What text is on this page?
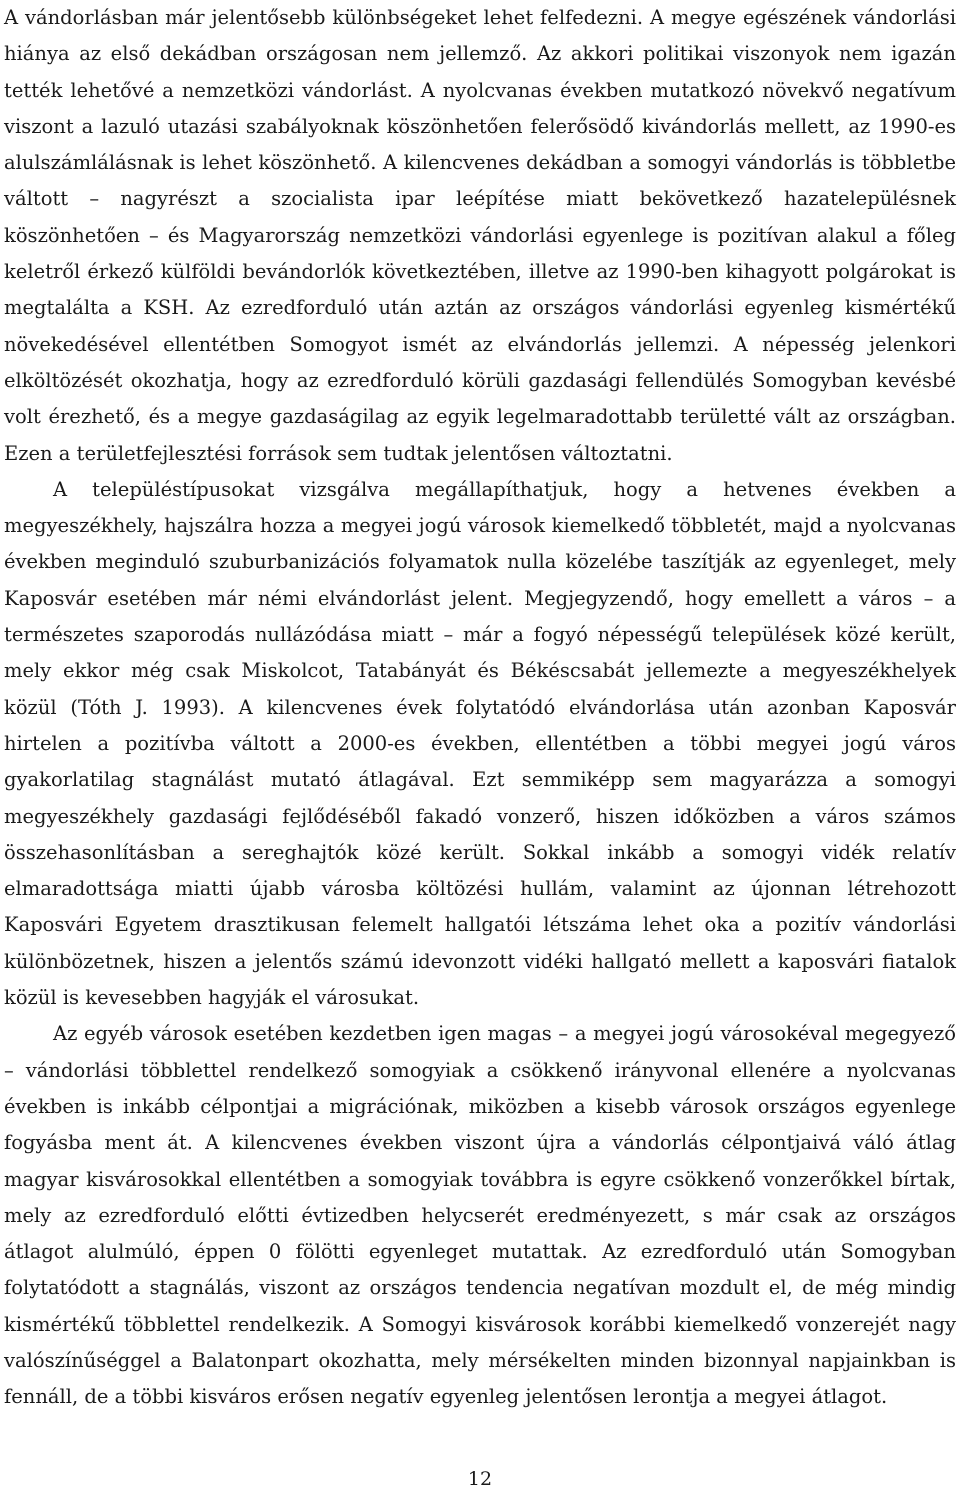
A vándorlásban már jelentősebb különbségeket lehet felfedezni. A megye egészének vándorlási hiánya az első dekádban országosan nem jellemző. Az akkori politikai viszonyok nem igazán tették lehetővé a nemzetközi vándorlást. A nyolcvanas években mutatkozó növekvő negatívum viszont a lazuló utazási szabályoknak köszönhetően felerősödő kivándorlás mellett, az 1990-es alulszámlálásnak is lehet köszönhető. A kilencvenes dekádban a somogyi vándorlás is többletbe váltott – nagyrészt a szocialista ipar leépítése miatt bekövetkező hazatelepülésnek köszönhetően – és Magyarország nemzetközi vándorlási egyenlege is pozitívan alakul a főleg keletről érkező külföldi bevándorlók következtében, illetve az 1990-ben kihagyott polgárokat is megtalálta a KSH. Az ezredforduló után aztán az országos vándorlási egyenleg kismértékű növekedésével ellentétben Somogyot ismét az elvándorlás jellemzi. A népesség jelenkori elköltözését okozhatja, hogy az ezredforduló körüli gazdasági fellendülés Somogyban kevésbé volt érezhető, és a megye gazdaságilag az egyik legelmaradottabb területté vált az országban. Ezen a területfejlesztési források sem tudtak jelentősen változtatni.

A településtípusokat vizsgálva megállapíthatjuk, hogy a hetvenes években a megyeszékhely, hajszálra hozza a megyei jogú városok kiemelkedő többletét, majd a nyolcvanas években meginduló szuburbanizációs folyamatok nulla közelébe taszítják az egyenleget, mely Kaposvár esetében már némi elvándorlást jelent. Megjegyzendő, hogy emellett a város – a természetes szaporodás nullázódása miatt – már a fogyó népességű települések közé került, mely ekkor még csak Miskolcot, Tatabányát és Békéscsabát jellemezte a megyeszékhelyek közül (Tóth J. 1993). A kilencvenes évek folytatódó elvándorlása után azonban Kaposvár hirtelen a pozitívba váltott a 2000-es években, ellentétben a többi megyei jogú város gyakorlatilag stagnálást mutató átlagával. Ezt semmiképp sem magyarázza a somogyi megyeszékhely gazdasági fejlődéséből fakadó vonzerő, hiszen időközben a város számos összehasonlításban a sereghajtók közé került. Sokkal inkább a somogyi vidék relatív elmaradottsága miatti újabb városba költözési hullám, valamint az újonnan létrehozott Kaposvári Egyetem drasztikusan felemelt hallgatói létszáma lehet oka a pozitív vándorlási különbözetnek, hiszen a jelentős számú idevonzott vidéki hallgató mellett a kaposvári fiatalok közül is kevesebben hagyják el városukat.

Az egyéb városok esetében kezdetben igen magas – a megyei jogú városokéval megegyező – vándorlási többlettel rendelkező somogyiak a csökkenő irányvonal ellenére a nyolcvanas években is inkább célpontjai a migrációnak, miközben a kisebb városok országos egyenlege fogyásba ment át. A kilencvenes években viszont újra a vándorlás célpontjaivá váló átlag magyar kisvárosokkal ellentétben a somogyiak továbbra is egyre csökkenő vonzerőkkel bírtak, mely az ezredforduló előtti évtizedben helycserét eredményezett, s már csak az országos átlagot alulmúló, éppen 0 fölötti egyenleget mutattak. Az ezredforduló után Somogyban folytatódott a stagnálás, viszont az országos tendencia negatívan mozdult el, de még mindig kismértékű többlettel rendelkezik. A Somogyi kisvárosok korábbi kiemelkedő vonzerejét nagy valószínűséggel a Balatonpart okozhatta, mely mérsékelten minden bizonnyal napjainkban is fennáll, de a többi kisváros erősen negatív egyenleg jelentősen lerontja a megyei átlagot.

12
